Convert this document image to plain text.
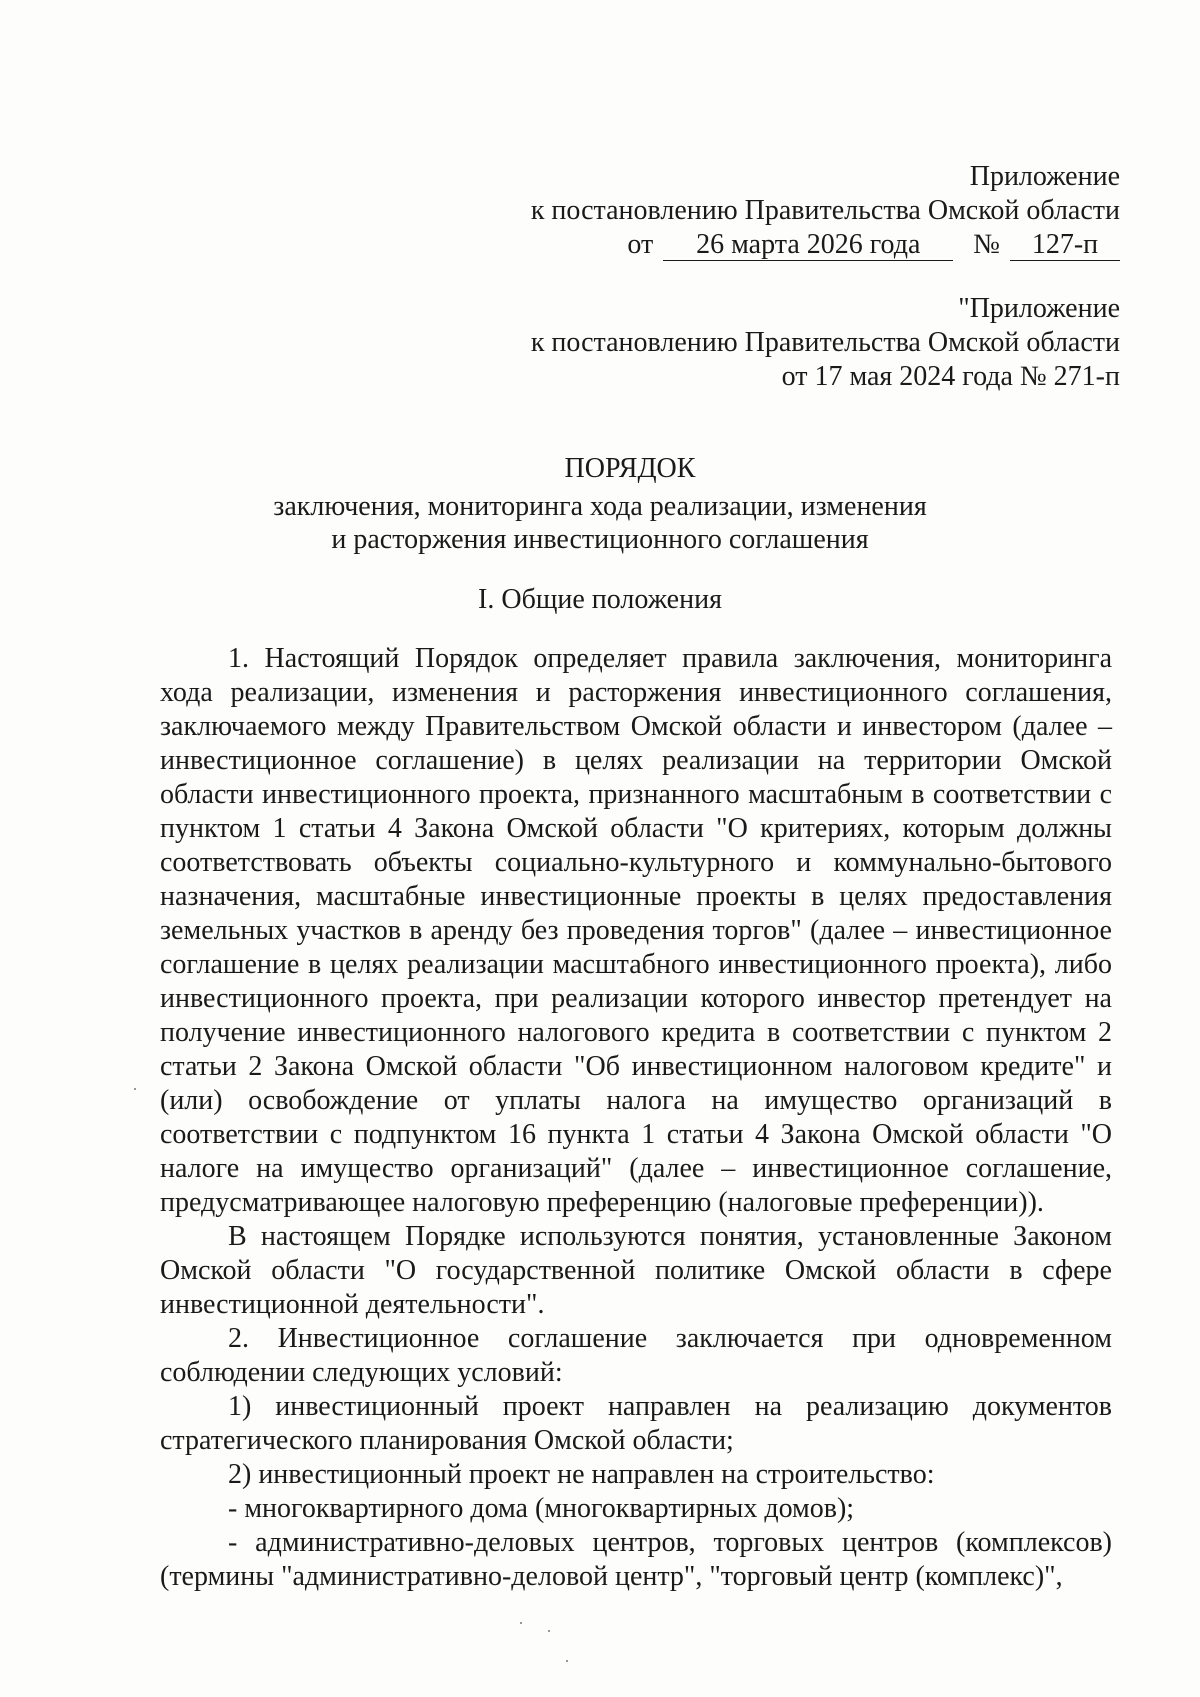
Приложение
к постановлению Правительства Омской области
от 26 марта 2026 года № 127-п
"Приложение
к постановлению Правительства Омской области
от 17 мая 2024 года № 271-п
ПОРЯДОК
заключения, мониторинга хода реализации, изменения
и расторжения инвестиционного соглашения
I. Общие положения

1. Настоящий Порядок определяет правила заключения, мониторинга хода реализации, изменения и расторжения инвестиционного соглашения, заключаемого между Правительством Омской области и инвестором (далее – инвестиционное соглашение) в целях реализации на территории Омской области инвестиционного проекта, признанного масштабным в соответствии с пунктом 1 статьи 4 Закона Омской области "О критериях, которым должны соответствовать объекты социально-культурного и коммунально-бытового назначения, масштабные инвестиционные проекты в целях предоставления земельных участков в аренду без проведения торгов" (далее – инвестиционное соглашение в целях реализации масштабного инвестиционного проекта), либо инвестиционного проекта, при реализации которого инвестор претендует на получение инвестиционного налогового кредита в соответствии с пунктом 2 статьи 2 Закона Омской области "Об инвестиционном налоговом кредите" и (или) освобождение от уплаты налога на имущество организаций в соответствии с подпунктом 16 пункта 1 статьи 4 Закона Омской области "О налоге на имущество организаций" (далее – инвестиционное соглашение, предусматривающее налоговую преференцию (налоговые преференции)).

В настоящем Порядке используются понятия, установленные Законом Омской области "О государственной политике Омской области в сфере инвестиционной деятельности".

2. Инвестиционное соглашение заключается при одновременном соблюдении следующих условий:

1) инвестиционный проект направлен на реализацию документов стратегического планирования Омской области;

2) инвестиционный проект не направлен на строительство:

- многоквартирного дома (многоквартирных домов);

- административно-деловых центров, торговых центров (комплексов) (термины "административно-деловой центр", "торговый центр (комплекс)",
